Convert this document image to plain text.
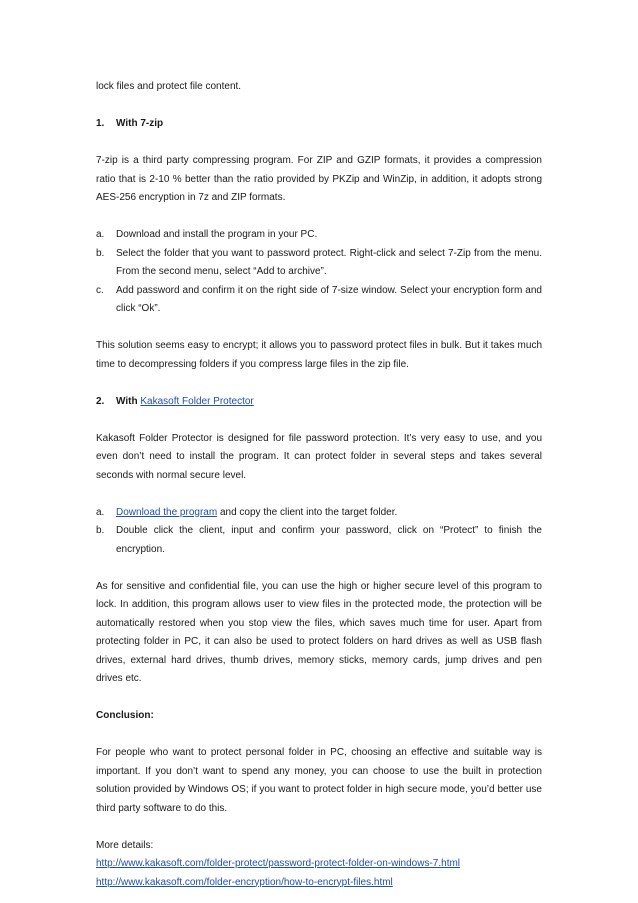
lock files and protect file content.

1. With 7-zip

7-zip is a third party compressing program. For ZIP and GZIP formats, it provides a compression ratio that is 2-10 % better than the ratio provided by PKZip and WinZip, in addition, it adopts strong AES-256 encryption in 7z and ZIP formats.

a. Download and install the program in your PC.
b. Select the folder that you want to password protect. Right-click and select 7-Zip from the menu. From the second menu, select “Add to archive”.
c. Add password and confirm it on the right side of 7-size window. Select your encryption form and click “Ok”.

This solution seems easy to encrypt; it allows you to password protect files in bulk. But it takes much time to decompressing folders if you compress large files in the zip file.

2. With Kakasoft Folder Protector

Kakasoft Folder Protector is designed for file password protection. It’s very easy to use, and you even don’t need to install the program. It can protect folder in several steps and takes several seconds with normal secure level.

a. Download the program and copy the client into the target folder.
b. Double click the client, input and confirm your password, click on “Protect” to finish the encryption.

As for sensitive and confidential file, you can use the high or higher secure level of this program to lock. In addition, this program allows user to view files in the protected mode, the protection will be automatically restored when you stop view the files, which saves much time for user. Apart from protecting folder in PC, it can also be used to protect folders on hard drives as well as USB flash drives, external hard drives, thumb drives, memory sticks, memory cards, jump drives and pen drives etc.

Conclusion:

For people who want to protect personal folder in PC, choosing an effective and suitable way is important. If you don’t want to spend any money, you can choose to use the built in protection solution provided by Windows OS; if you want to protect folder in high secure mode, you’d better use third party software to do this.

More details:

http://www.kakasoft.com/folder-protect/password-protect-folder-on-windows-7.html

http://www.kakasoft.com/folder-encryption/how-to-encrypt-files.html
